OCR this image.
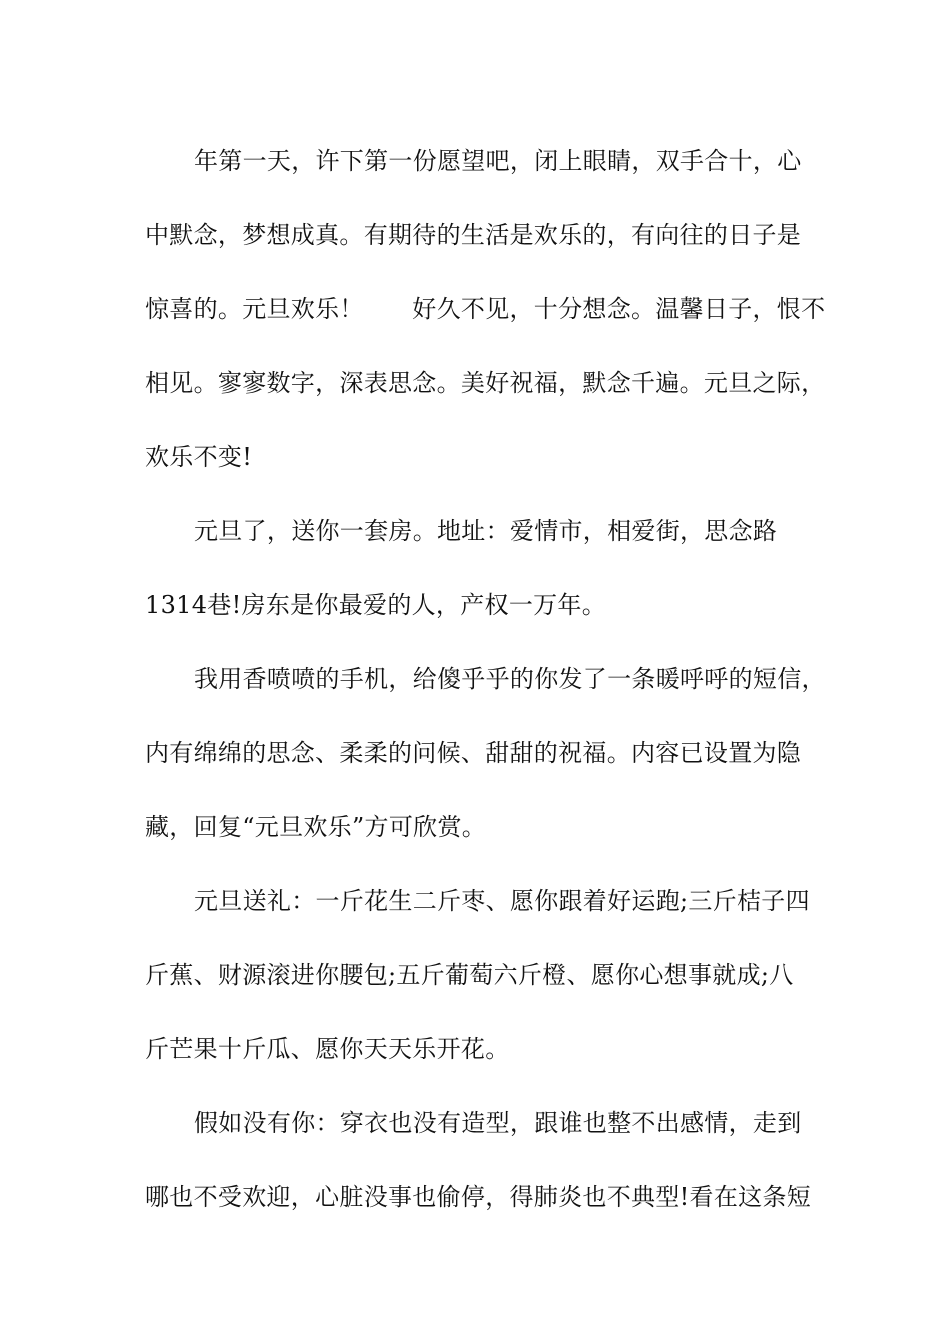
年第一天，许下第一份愿望吧，闭上眼睛，双手合十，心
中默念，梦想成真。有期待的生活是欢乐的，有向往的日子是
惊喜的。元旦欢乐！　　好久不见，十分想念。温馨日子，恨不
相见。寥寥数字，深表思念。美好祝福，默念千遍。元旦之际，
欢乐不变!

元旦了，送你一套房。地址：爱情市，相爱街，思念路
1314巷!房东是你最爱的人，产权一万年。

我用香喷喷的手机，给傻乎乎的你发了一条暖呼呼的短信，
内有绵绵的思念、柔柔的问候、甜甜的祝福。内容已设置为隐
藏，回复“元旦欢乐”方可欣赏。

元旦送礼：一斤花生二斤枣、愿你跟着好运跑;三斤桔子四
斤蕉、财源滚进你腰包;五斤葡萄六斤橙、愿你心想事就成;八
斤芒果十斤瓜、愿你天天乐开花。

假如没有你：穿衣也没有造型，跟谁也整不出感情，走到
哪也不受欢迎，心脏没事也偷停，得肺炎也不典型!看在这条短
